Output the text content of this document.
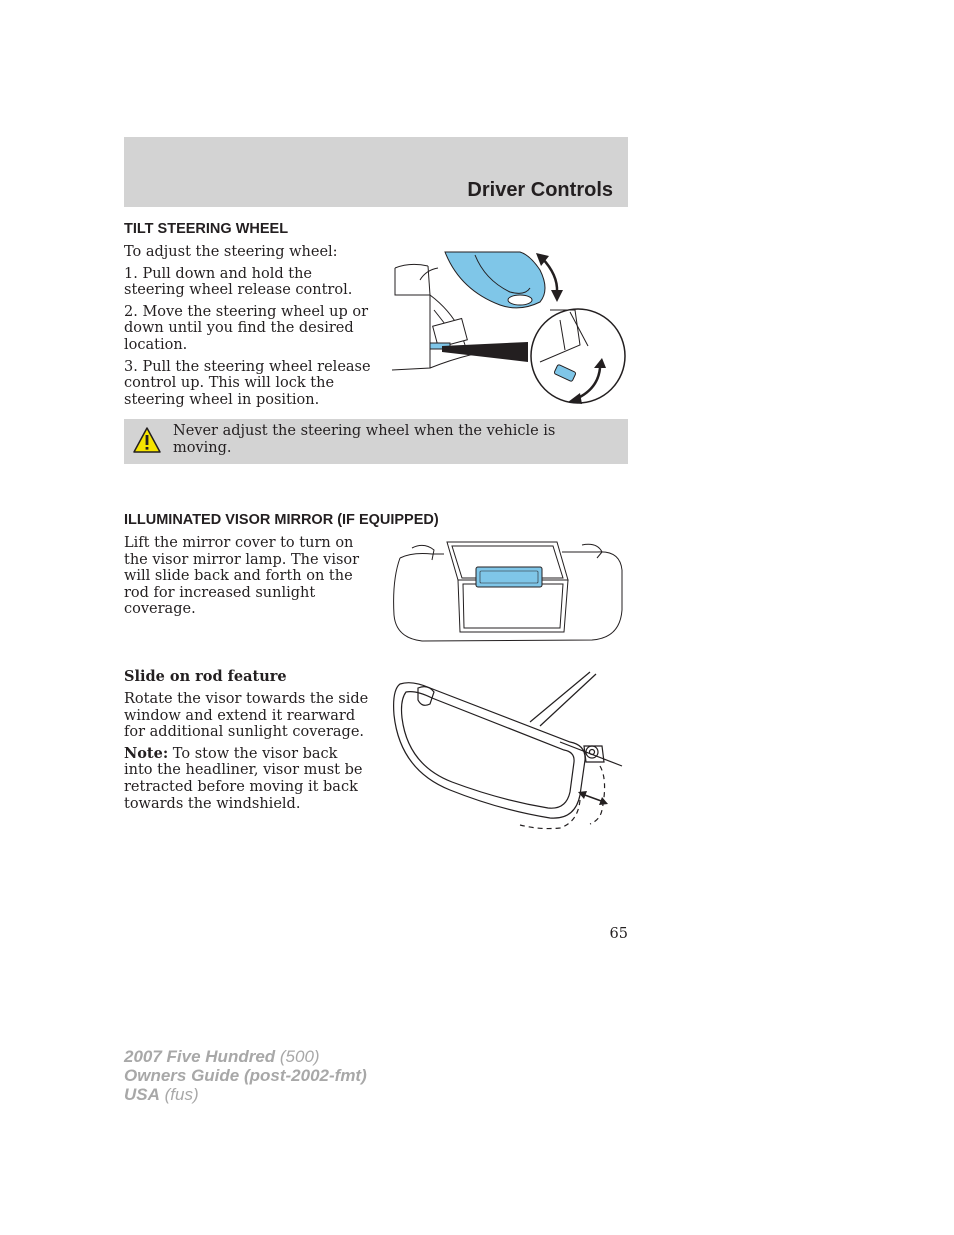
Driver Controls
TILT STEERING WHEEL

To adjust the steering wheel:

1. Pull down and hold the steering wheel release control.

2. Move the steering wheel up or down until you find the desired location.

3. Pull the steering wheel release control up. This will lock the steering wheel in position.

Never adjust the steering wheel when the vehicle is moving.
ILLUMINATED VISOR MIRROR (IF EQUIPPED)

Lift the mirror cover to turn on the visor mirror lamp. The visor will slide back and forth on the rod for increased sunlight coverage.

Slide on rod feature

Rotate the visor towards the side window and extend it rearward for additional sunlight coverage.

Note: To stow the visor back into the headliner, visor must be retracted before moving it back towards the windshield.

65
2007 Five Hundred (500)
Owners Guide (post-2002-fmt)
USA (fus)
